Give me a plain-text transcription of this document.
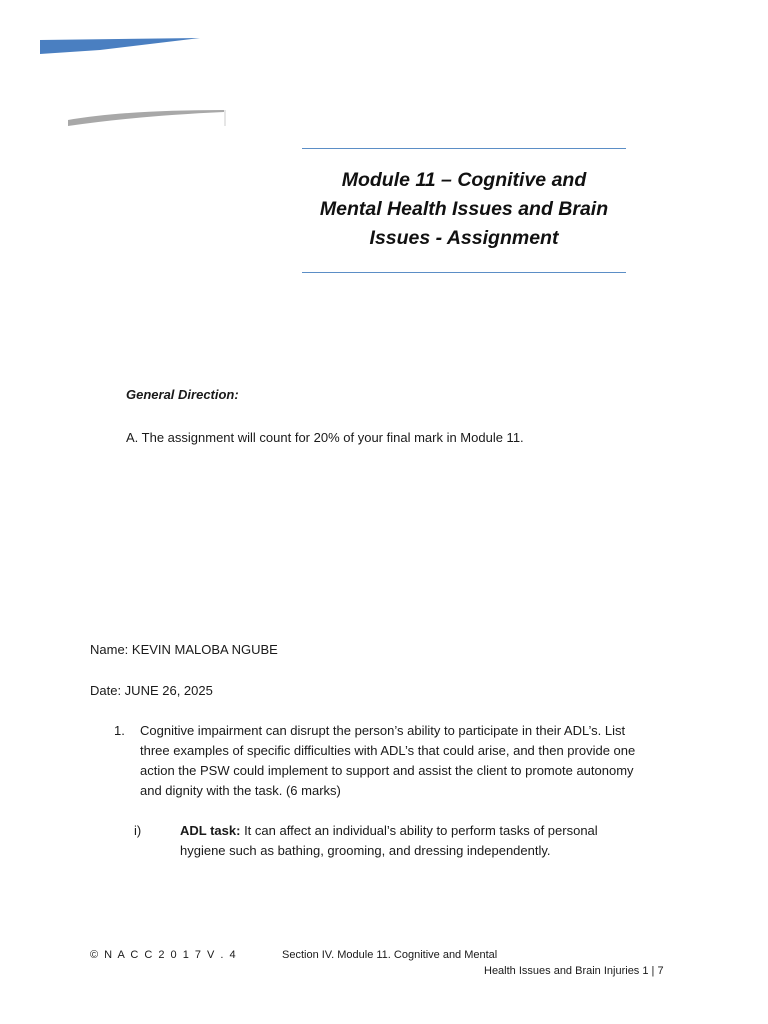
Module 11 – Cognitive and
Mental Health Issues and Brain
Issues - Assignment
General Direction:
A. The assignment will count for 20% of your final mark in Module 11.
Name: KEVIN MALOBA NGUBE
Date: JUNE 26, 2025
1. Cognitive impairment can disrupt the person’s ability to participate in their ADL’s. List
three examples of specific difficulties with ADL’s that could arise, and then provide one
action the PSW could implement to support and assist the client to promote autonomy
and dignity with the task. (6 marks)
i)	ADL task: It can affect an individual’s ability to perform tasks of personal
hygiene such as bathing, grooming, and dressing independently.
© N A C C 2 0 1 7 V . 4	Section IV. Module 11. Cognitive and Mental
Health Issues and Brain Injuries 1 | 7
